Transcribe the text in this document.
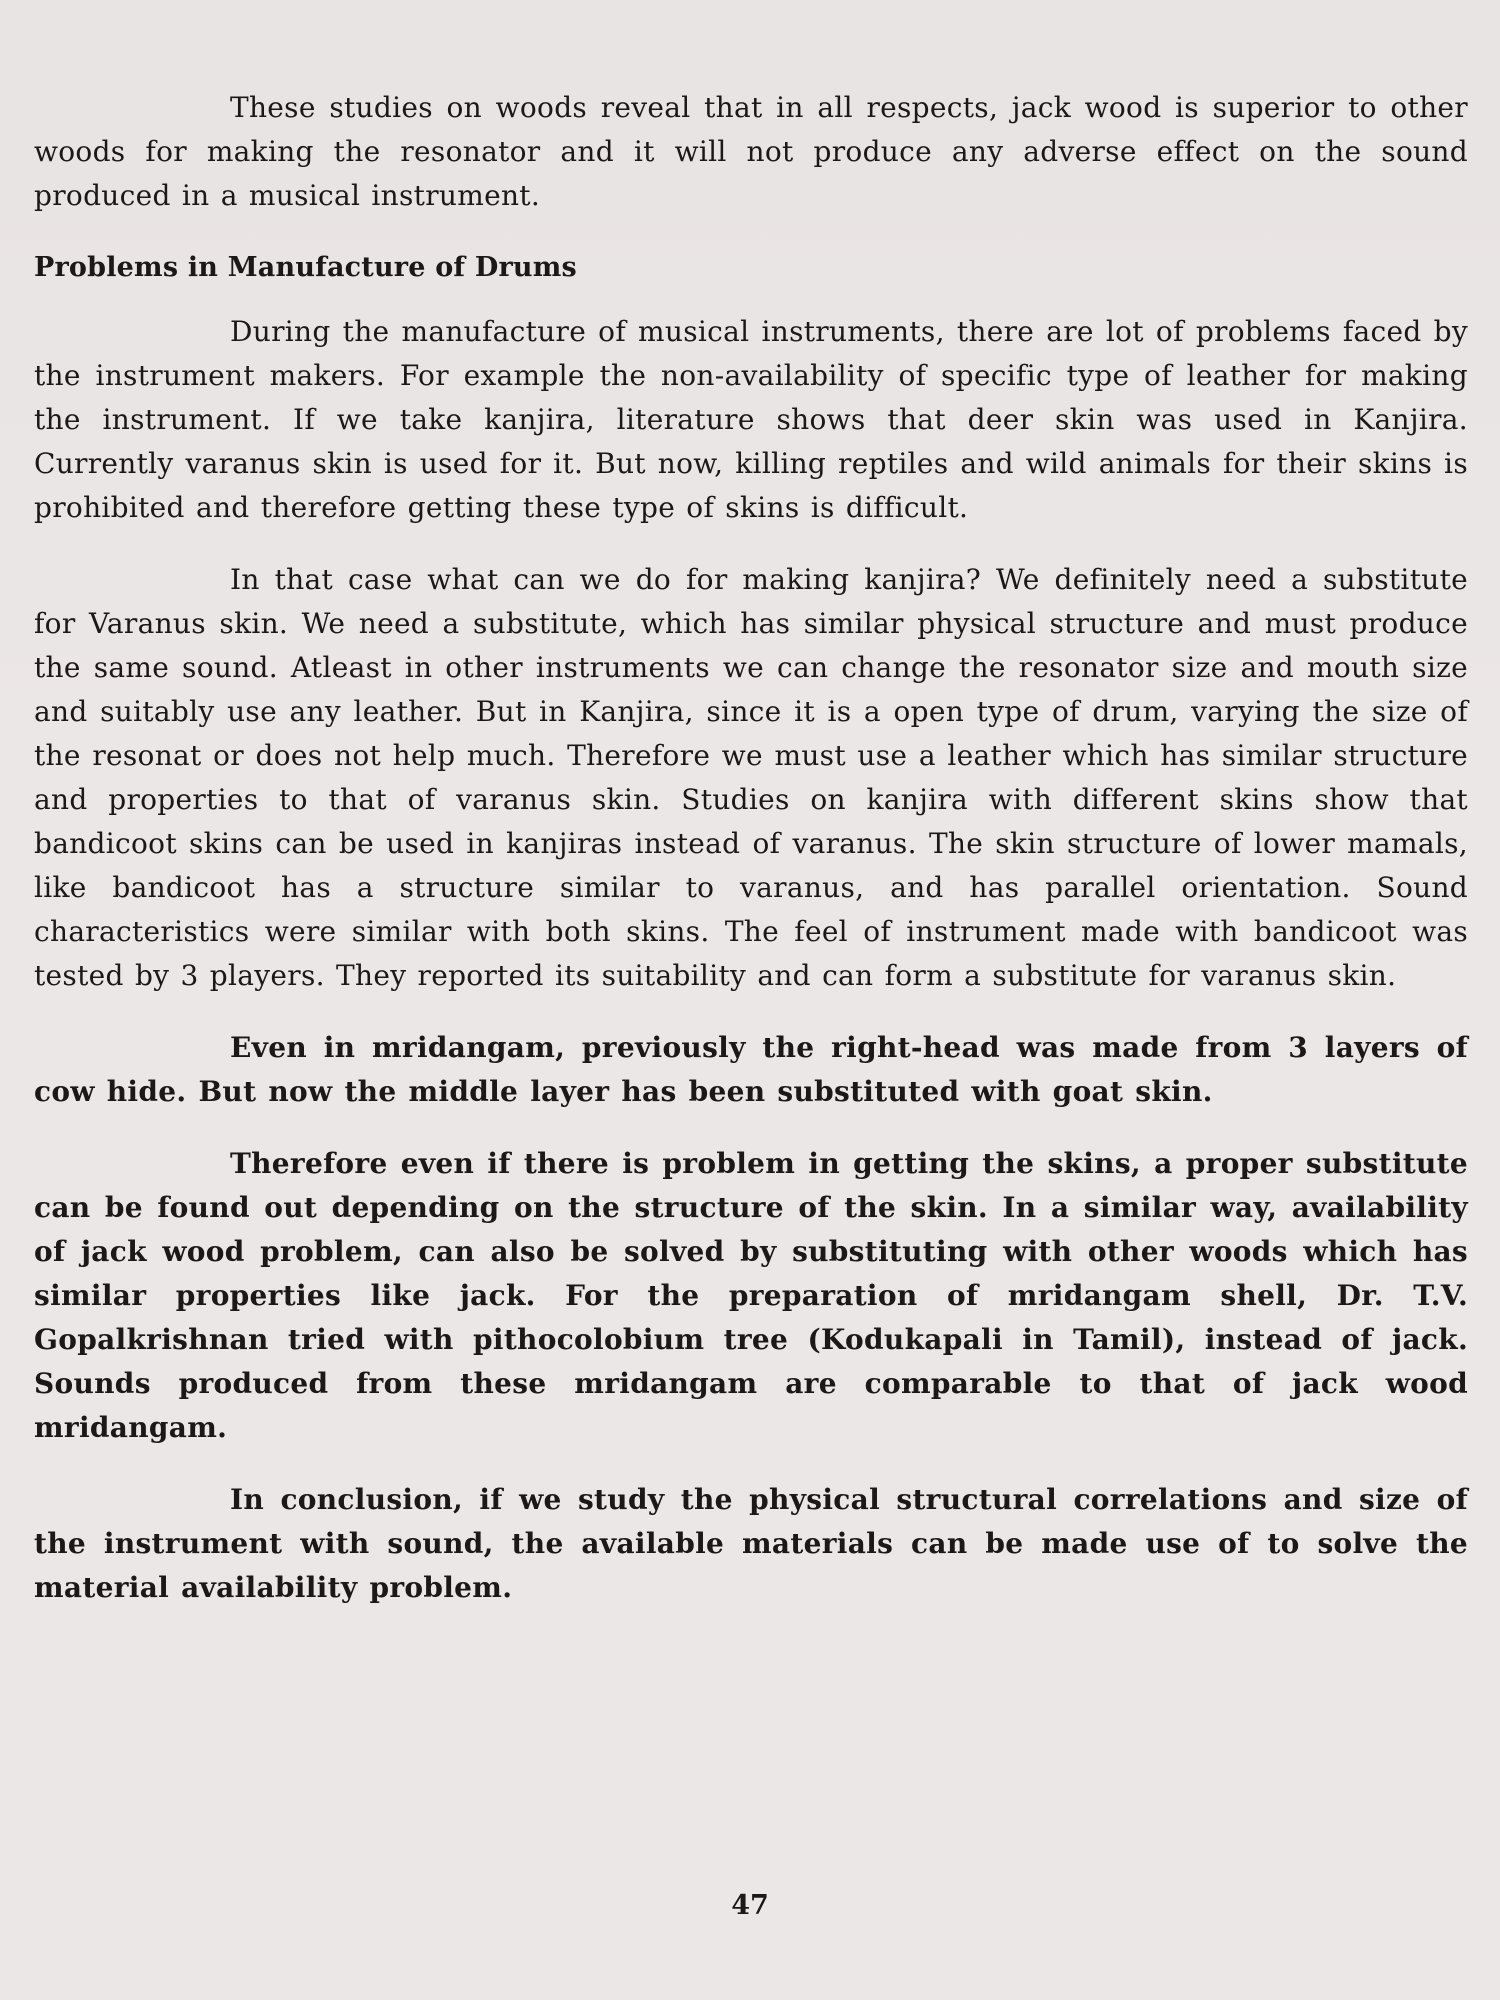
These studies on woods reveal that in all respects, jack wood is superior to other woods for making the resonator and it will not produce any adverse effect on the sound produced in a musical instrument.

Problems in Manufacture of Drums

During the manufacture of musical instruments, there are lot of problems faced by the instrument makers. For example the non-availability of specific type of leather for making the instrument. If we take kanjira, literature shows that deer skin was used in Kanjira. Currently varanus skin is used for it. But now, killing reptiles and wild animals for their skins is prohibited and therefore getting these type of skins is difficult.

In that case what can we do for making kanjira? We definitely need a substitute for Varanus skin. We need a substitute, which has similar physical structure and must produce the same sound. Atleast in other instruments we can change the resonator size and mouth size and suitably use any leather. But in Kanjira, since it is a open type of drum, varying the size of the resonat or does not help much. Therefore we must use a leather which has similar structure and properties to that of varanus skin. Studies on kanjira with different skins show that bandicoot skins can be used in kanjiras instead of varanus. The skin structure of lower mamals, like bandicoot has a structure similar to varanus, and has parallel orientation. Sound characteristics were similar with both skins. The feel of instrument made with bandicoot was tested by 3 players. They reported its suitability and can form a substitute for varanus skin.

Even in mridangam, previously the right-head was made from 3 layers of cow hide. But now the middle layer has been substituted with goat skin.

Therefore even if there is problem in getting the skins, a proper substitute can be found out depending on the structure of the skin. In a similar way, availability of jack wood problem, can also be solved by substituting with other woods which has similar properties like jack. For the preparation of mridangam shell, Dr. T.V. Gopalkrishnan tried with pithocolobium tree (Kodukapali in Tamil), instead of jack. Sounds produced from these mridangam are comparable to that of jack wood mridangam.

In conclusion, if we study the physical structural correlations and size of the instrument with sound, the available materials can be made use of to solve the material availability problem.

47
